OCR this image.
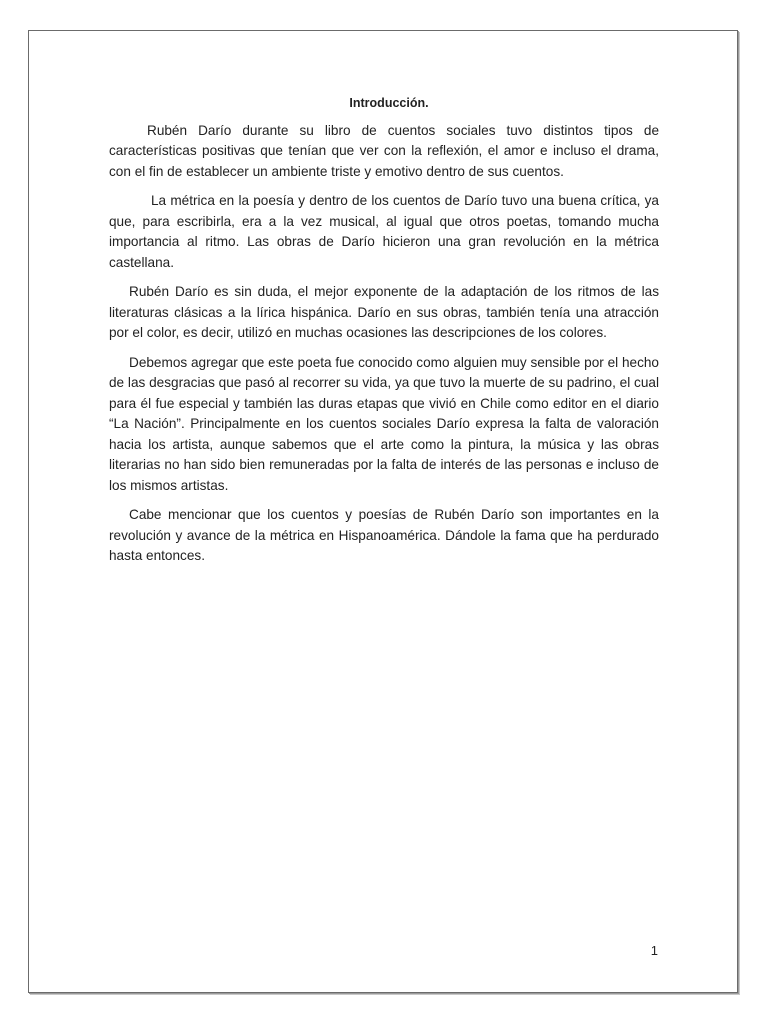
Introducción.

Rubén Darío durante su libro de cuentos sociales tuvo distintos tipos de características positivas que tenían que ver con la reflexión, el amor e incluso el drama, con el fin de establecer un ambiente triste y emotivo dentro de sus cuentos.

La métrica en la poesía y dentro de los cuentos de Darío tuvo una buena crítica, ya que, para escribirla, era a la vez musical, al igual que otros poetas, tomando mucha importancia al ritmo. Las obras de Darío hicieron una gran revolución en la métrica castellana.

Rubén Darío es sin duda, el mejor exponente de la adaptación de los ritmos de las literaturas clásicas a la lírica hispánica. Darío en sus obras, también tenía una atracción por el color, es decir, utilizó en muchas ocasiones las descripciones de los colores.

Debemos agregar que este poeta fue conocido como alguien muy sensible por el hecho de las desgracias que pasó al recorrer su vida, ya que tuvo la muerte de su padrino, el cual para él fue especial y también las duras etapas que vivió en Chile como editor en el diario “La Nación”. Principalmente en los cuentos sociales Darío expresa la falta de valoración hacia los artista, aunque sabemos que el arte como la pintura, la música y las obras literarias no han sido bien remuneradas por la falta de interés de las personas e incluso de los mismos artistas.

Cabe mencionar que los cuentos y poesías de Rubén Darío son importantes en la revolución y avance de la métrica en Hispanoamérica. Dándole la fama que ha perdurado hasta entonces.

1
